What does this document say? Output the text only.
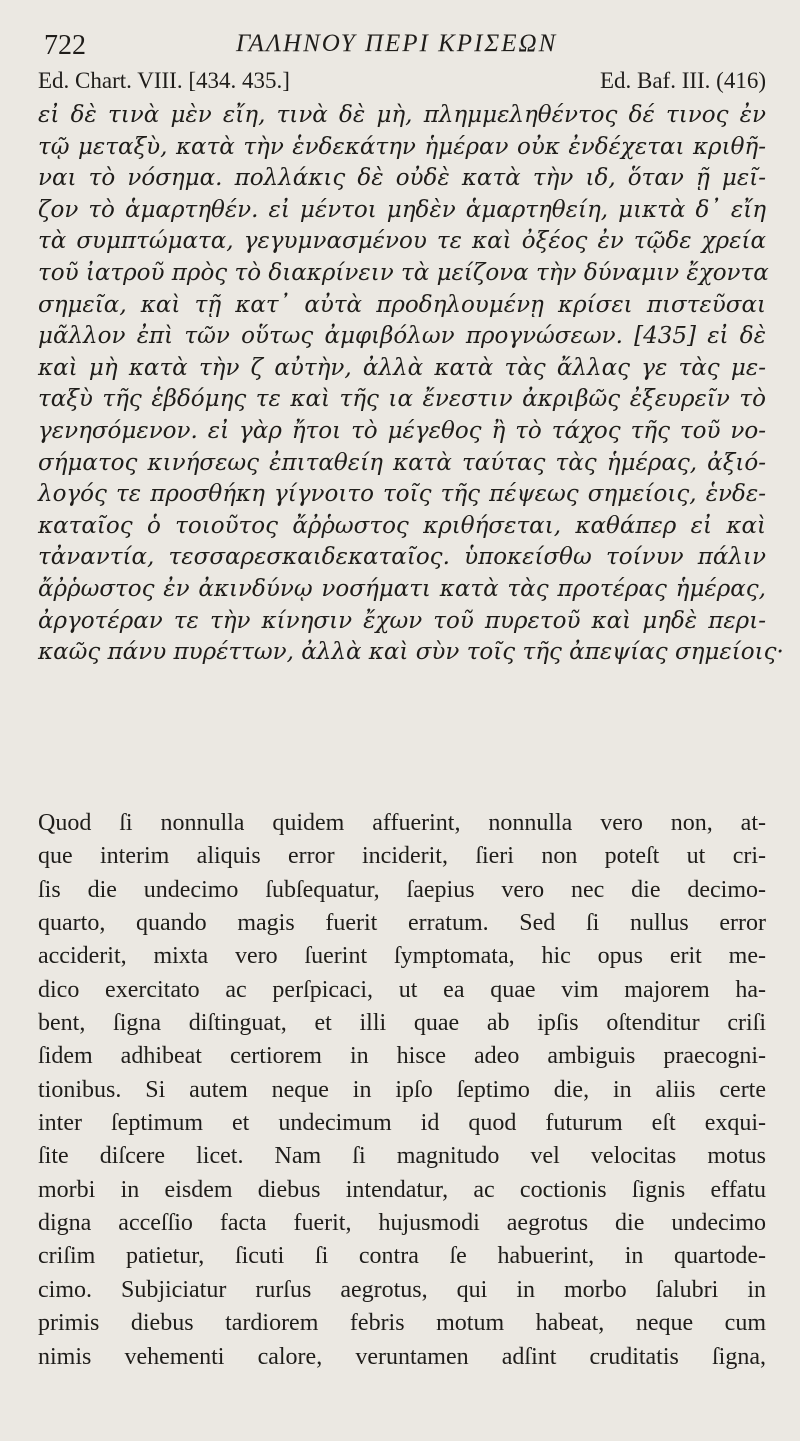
722	ΓΑΛΗΝΟΥ ΠΕΡΙ ΚΡΙΣΕΩΝ
Ed. Chart. VIII. [434. 435.]	Ed. Baf. III. (416)
εἰ δὲ τινὰ μὲν εἴη, τινὰ δὲ μὴ, πλημμεληθέντος δέ τινος ἐν
τῷ μεταξὺ, κατὰ τὴν ἑνδεκάτην ἡμέραν οὐκ ἐνδέχεται κριθῆ-
ναι τὸ νόσημα. πολλάκις δὲ οὐδὲ κατὰ τὴν ιδ, ὅταν ῇ μεῖ-
ζον τὸ ἁμαρτηθέν. εἰ μέντοι μηδὲν ἁμαρτηθείη, μικτὰ δ᾽ εἴη
τὰ συμπτώματα, γεγυμνασμένου τε καὶ ὀξέος ἐν τῷδε χρεία
τοῦ ἰατροῦ πρὸς τὸ διακρίνειν τὰ μείζονα τὴν δύναμιν ἔχοντα
σημεῖα, καὶ τῇ κατ᾽ αὐτὰ προδηλουμένῃ κρίσει πιστεῦσαι
μᾶλλον ἐπὶ τῶν οὕτως ἀμφιβόλων προγνώσεων. [435] εἰ δὲ
καὶ μὴ κατὰ τὴν ζ αὐτὴν, ἀλλὰ κατὰ τὰς ἄλλας γε τὰς με-
ταξὺ τῆς ἑβδόμης τε καὶ τῆς ια ἔνεστιν ἀκριβῶς ἐξευρεῖν τὸ
γενησόμενον. εἰ γὰρ ἤτοι τὸ μέγεθος ἢ τὸ τάχος τῆς τοῦ νο-
σήματος κινήσεως ἐπιταθείη κατὰ ταύτας τὰς ἡμέρας, ἀξιό-
λογός τε προσθήκη γίγνοιτο τοῖς τῆς πέψεως σημείοις, ἑνδε-
καταῖος ὁ τοιοῦτος ἄῤῥωστος κριθήσεται, καθάπερ εἰ καὶ
τἀναντία, τεσσαρεσκαιδεκαταῖος. ὑποκείσθω τοίνυν πάλιν
ἄῤῥωστος ἐν ἀκινδύνῳ νοσήματι κατὰ τὰς προτέρας ἡμέρας,
ἀργοτέραν τε τὴν κίνησιν ἔχων τοῦ πυρετοῦ καὶ μηδὲ περι-
καῶς πάνυ πυρέττων, ἀλλὰ καὶ σὺν τοῖς τῆς ἀπεψίας σημείοις·
Quod ſi nonnulla quidem affuerint, nonnulla vero non, at-
que interim aliquis error inciderit, ſieri non poteſt ut cri-
ſis die undecimo ſubſequatur, ſaepius vero nec die decimo-
quarto, quando magis fuerit erratum. Sed ſi nullus error
acciderit, mixta vero ſuerint ſymptomata, hic opus erit me-
dico exercitato ac perſpicaci, ut ea quae vim majorem ha-
bent, ſigna diſtinguat, et illi quae ab ipſis oſtenditur criſi
ſidem adhibeat certiorem in hisce adeo ambiguis praecogni-
tionibus. Si autem neque in ipſo ſeptimo die, in aliis certe
inter ſeptimum et undecimum id quod futurum eſt exqui-
ſite diſcere licet. Nam ſi magnitudo vel velocitas motus
morbi in eisdem diebus intendatur, ac coctionis ſignis effatu
digna acceſſio facta fuerit, hujusmodi aegrotus die undecimo
criſim patietur, ſicuti ſi contra ſe habuerint, in quartode-
cimo. Subjiciatur rurſus aegrotus, qui in morbo ſalubri in
primis diebus tardiorem febris motum habeat, neque cum
nimis vehementi calore, veruntamen adſint cruditatis ſigna,
